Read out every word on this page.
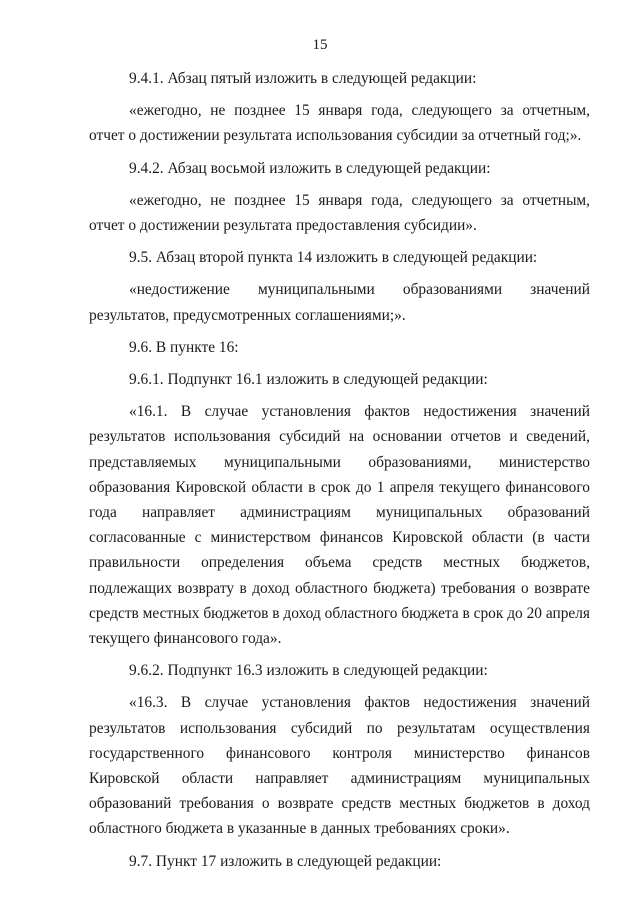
15

9.4.1. Абзац пятый изложить в следующей редакции:

«ежегодно, не позднее 15 января года, следующего за отчетным, отчет о достижении результата использования субсидии за отчетный год;».

9.4.2. Абзац восьмой изложить в следующей редакции:

«ежегодно, не позднее 15 января года, следующего за отчетным, отчет о достижении результата предоставления субсидии».

9.5. Абзац второй пункта 14 изложить в следующей редакции:

«недостижение муниципальными образованиями значений результатов, предусмотренных соглашениями;».

9.6. В пункте 16:

9.6.1. Подпункт 16.1 изложить в следующей редакции:

«16.1. В случае установления фактов недостижения значений результатов использования субсидий на основании отчетов и сведений, представляемых муниципальными образованиями, министерство образования Кировской области в срок до 1 апреля текущего финансового года направляет администрациям муниципальных образований согласованные с министерством финансов Кировской области (в части правильности определения объема средств местных бюджетов, подлежащих возврату в доход областного бюджета) требования о возврате средств местных бюджетов в доход областного бюджета в срок до 20 апреля текущего финансового года».

9.6.2. Подпункт 16.3 изложить в следующей редакции:

«16.3. В случае установления фактов недостижения значений результатов использования субсидий по результатам осуществления государственного финансового контроля министерство финансов Кировской области направляет администрациям муниципальных образований требования о возврате средств местных бюджетов в доход областного бюджета в указанные в данных требованиях сроки».

9.7. Пункт 17 изложить в следующей редакции:
